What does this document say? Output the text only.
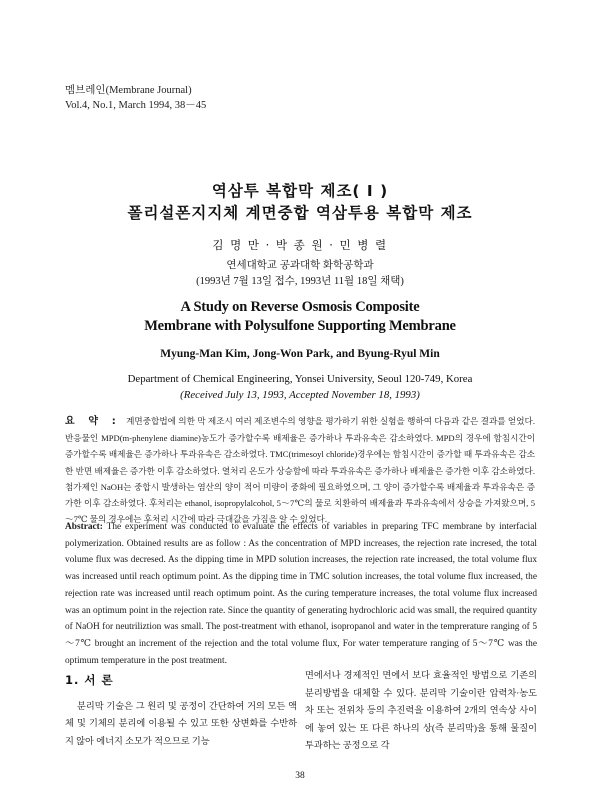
멤브레인(Membrane Journal)
Vol.4, No.1, March 1994, 38－45
역삼투 복합막 제조( I )
폴리설폰지지체 계면중합 역삼투용 복합막 제조
김 명 만 · 박 종 원 · 민 병 렬
연세대학교 공과대학 화학공학과
(1993년 7월 13일 접수, 1993년 11월 18일 채택)
A Study on Reverse Osmosis Composite
Membrane with Polysulfone Supporting Membrane
Myung-Man Kim, Jong-Won Park, and Byung-Ryul Min
Department of Chemical Engineering, Yonsei University, Seoul 120-749, Korea
(Received July 13, 1993, Accepted November 18, 1993)
요 약 : 계면중합법에 의한 막 제조시 여러 제조변수의 영향을 평가하기 위한 실험을 행하여 다음과 같은 결과를 얻었다. 반응물인 MPD(m-phenylene diamine)농도가 증가할수록 배제율은 증가하나 투과유속은 감소하였다. MPD의 경우에 함침시간이 증가할수록 배제율은 증가하나 투과유속은 감소하였다. TMC(trimesoyl chloride)경우에는 함침시간이 증가할 때 투과유속은 감소한 반면 배제율은 증가한 이후 감소하였다. 열처리 온도가 상승함에 따라 투과유속은 증가하나 배제율은 증가한 이후 감소하였다. 첨가제인 NaOH는 중합시 발생하는 염산의 양이 적어 미량이 중화에 필요하였으며, 그 양이 증가할수록 배제율과 투과유속은 증가한 이후 감소하였다. 후처리는 ethanol, isopropylalcohol, 5～7℃의 물로 치환하여 배제율과 투과유속에서 상승을 가져왔으며, 5～7℃ 물의 경우에는 후처리 시간에 따라 극대값을 가짐을 알 수 있었다.
Abstract: The experiment was conducted to evaluate the effects of variables in preparing TFC membrane by interfacial polymerization. Obtained results are as follow : As the concentration of MPD increases, the rejection rate incresed, the total volume flux was decresed. As the dipping time in MPD solution increases, the rejection rate increased, the total volume flux was increased until reach optimum point. As the dipping time in TMC solution increases, the total volume flux increased, the rejection rate was increased until reach optimum point. As the curing temperature increases, the total volume flux increased was an optimum point in the rejection rate. Since the quantity of generating hydrochloric acid was small, the required quantity of NaOH for neutriliztion was small. The post-treatment with ethanol, isopropanol and water in the temprerature ranging of 5～7℃ brought an increment of the rejection and the total volume flux, For water temperature ranging of 5～7℃ was the optimum temperature in the post treatment.
1. 서 론
분리막 기술은 그 원리 및 공정이 간단하여 거의 모든 액체 및 기체의 분리에 이용될 수 있고 또한 상변화를 수반하지 않아 에너지 소모가 적으므로 기능
면에서나 경제적인 면에서 보다 효율적인 방법으로 기존의 분리방법을 대체할 수 있다. 분리막 기술이란 압력차·농도차 또는 전위차 등의 추진력을 이용하여 2개의 연속상 사이에 놓여 있는 또 다른 하나의 상(즉 분리막)을 통해 물질이 투과하는 공정으로 각
38
